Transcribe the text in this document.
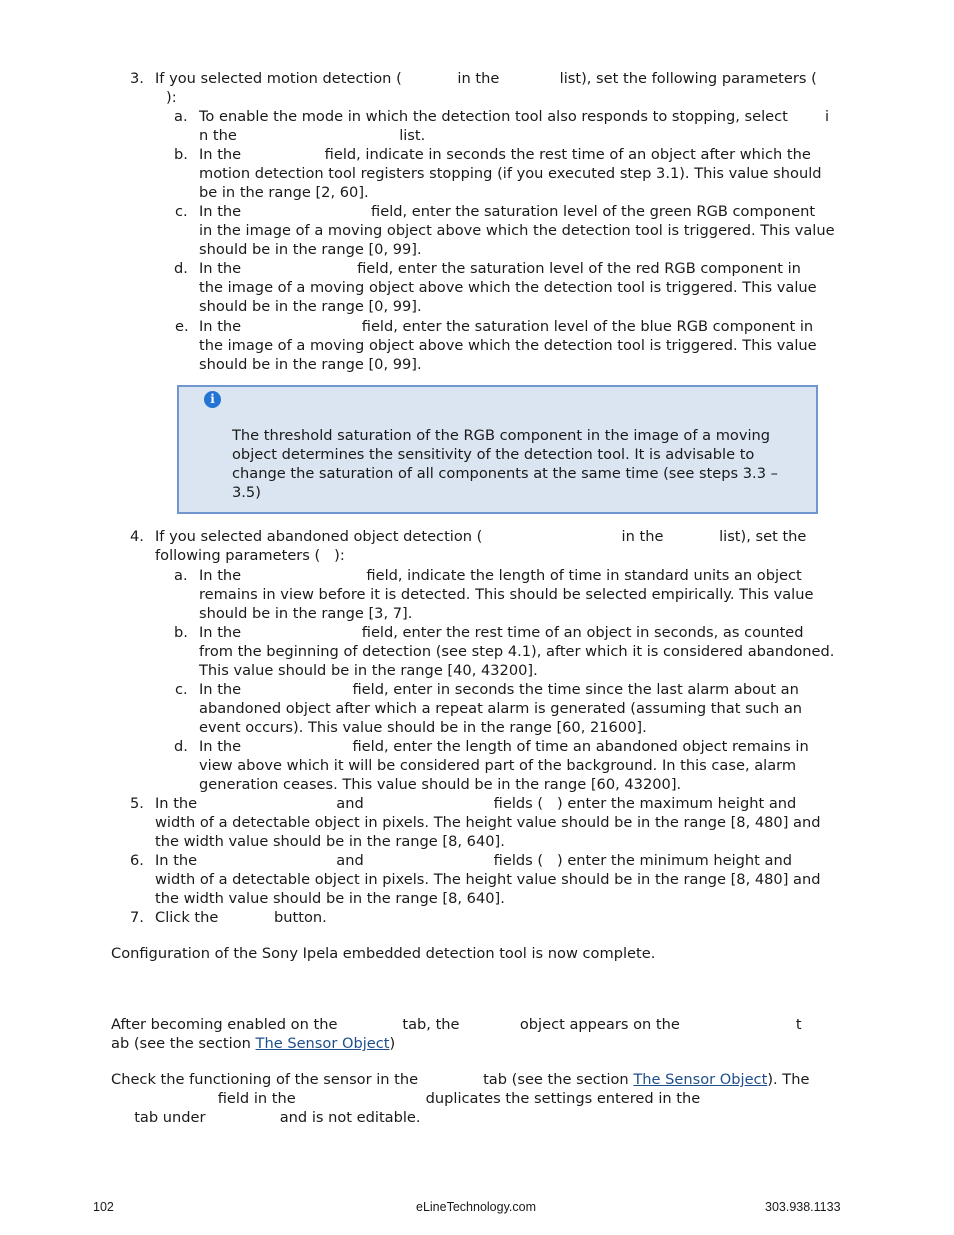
3. If you selected motion detection (            in the             list), set the following parameters (
):
a. To enable the mode in which the detection tool also responds to stopping, select        i
n the                                   list.
b. In the                  field, indicate in seconds the rest time of an object after which the
motion detection tool registers stopping (if you executed step 3.1). This value should
be in the range [2, 60].
c. In the                            field, enter the saturation level of the green RGB component
in the image of a moving object above which the detection tool is triggered. This value
should be in the range [0, 99].
d. In the                         field, enter the saturation level of the red RGB component in
the image of a moving object above which the detection tool is triggered. This value
should be in the range [0, 99].
e. In the                          field, enter the saturation level of the blue RGB component in
the image of a moving object above which the detection tool is triggered. This value
should be in the range [0, 99].
i
The threshold saturation of the RGB component in the image of a moving
object determines the sensitivity of the detection tool. It is advisable to
change the saturation of all components at the same time (see steps 3.3 –
3.5)
4. If you selected abandoned object detection (                              in the            list), set the
following parameters (   ):
a. In the                           field, indicate the length of time in standard units an object
remains in view before it is detected. This should be selected empirically. This value
should be in the range [3, 7].
b. In the                          field, enter the rest time of an object in seconds, as counted
from the beginning of detection (see step 4.1), after which it is considered abandoned.
This value should be in the range [40, 43200].
c. In the                        field, enter in seconds the time since the last alarm about an
abandoned object after which a repeat alarm is generated (assuming that such an
event occurs). This value should be in the range [60, 21600].
d. In the                        field, enter the length of time an abandoned object remains in
view above which it will be considered part of the background. In this case, alarm
generation ceases. This value should be in the range [60, 43200].
5. In the                              and                            fields (   ) enter the maximum height and
width of a detectable object in pixels. The height value should be in the range [8, 480] and
the width value should be in the range [8, 640].
6. In the                              and                            fields (   ) enter the minimum height and
width of a detectable object in pixels. The height value should be in the range [8, 480] and
the width value should be in the range [8, 640].
7. Click the            button.
Configuration of the Sony Ipela embedded detection tool is now complete.
After becoming enabled on the              tab, the             object appears on the                         t
ab (see the section The Sensor Object)
Check the functioning of the sensor in the              tab (see the section The Sensor Object). The
field in the                            duplicates the settings entered in the
tab under                and is not editable.
102	eLineTechnology.com	303.938.1133
